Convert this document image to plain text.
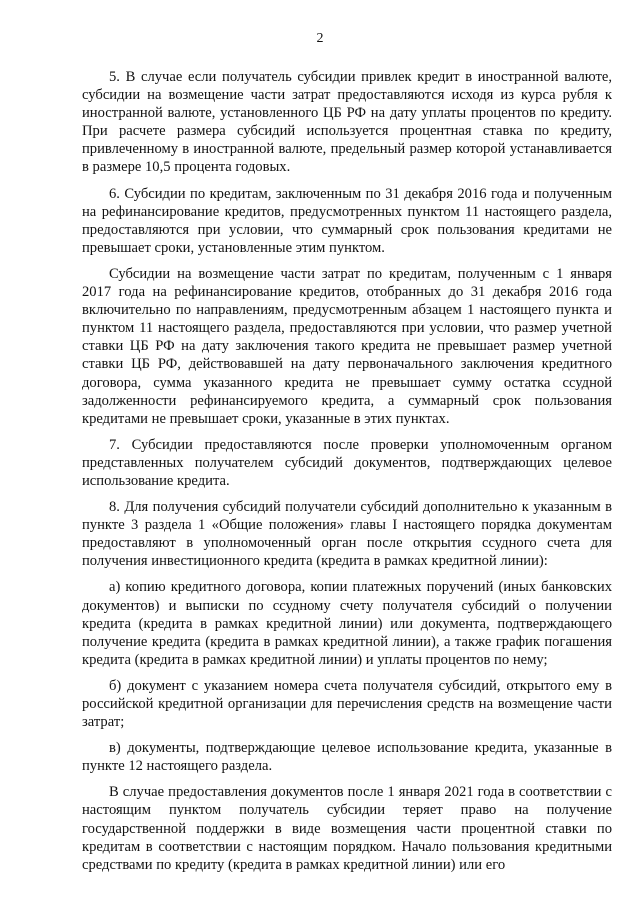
2

5. В случае если получатель субсидии привлек кредит в иностранной валюте, субсидии на возмещение части затрат предоставляются исходя из курса рубля к иностранной валюте, установленного ЦБ РФ на дату уплаты процентов по кредиту. При расчете размера субсидий используется процентная ставка по кредиту, привлеченному в иностранной валюте, предельный размер которой устанавливается в размере 10,5 процента годовых.

6. Субсидии по кредитам, заключенным по 31 декабря 2016 года и полученным на рефинансирование кредитов, предусмотренных пунктом 11 настоящего раздела, предоставляются при условии, что суммарный срок пользования кредитами не превышает сроки, установленные этим пунктом.

Субсидии на возмещение части затрат по кредитам, полученным с 1 января 2017 года на рефинансирование кредитов, отобранных до 31 декабря 2016 года включительно по направлениям, предусмотренным абзацем 1 настоящего пункта и пунктом 11 настоящего раздела, предоставляются при условии, что размер учетной ставки ЦБ РФ на дату заключения такого кредита не превышает размер учетной ставки ЦБ РФ, действовавшей на дату первоначального заключения кредитного договора, сумма указанного кредита не превышает сумму остатка ссудной задолженности рефинансируемого кредита, а суммарный срок пользования кредитами не превышает сроки, указанные в этих пунктах.

7. Субсидии предоставляются после проверки уполномоченным органом представленных получателем субсидий документов, подтверждающих целевое использование кредита.

8. Для получения субсидий получатели субсидий дополнительно к указанным в пункте 3 раздела 1 «Общие положения» главы I настоящего порядка документам предоставляют в уполномоченный орган после открытия ссудного счета для получения инвестиционного кредита (кредита в рамках кредитной линии):

а) копию кредитного договора, копии платежных поручений (иных банковских документов) и выписки по ссудному счету получателя субсидий о получении кредита (кредита в рамках кредитной линии) или документа, подтверждающего получение кредита (кредита в рамках кредитной линии), а также график погашения кредита (кредита в рамках кредитной линии) и уплаты процентов по нему;

б) документ с указанием номера счета получателя субсидий, открытого ему в российской кредитной организации для перечисления средств на возмещение части затрат;

в) документы, подтверждающие целевое использование кредита, указанные в пункте 12 настоящего раздела.

В случае предоставления документов после 1 января 2021 года в соответствии с настоящим пунктом получатель субсидии теряет право на получение государственной поддержки в виде возмещения части процентной ставки по кредитам в соответствии с настоящим порядком. Начало пользования кредитными средствами по кредиту (кредита в рамках кредитной линии) или его
